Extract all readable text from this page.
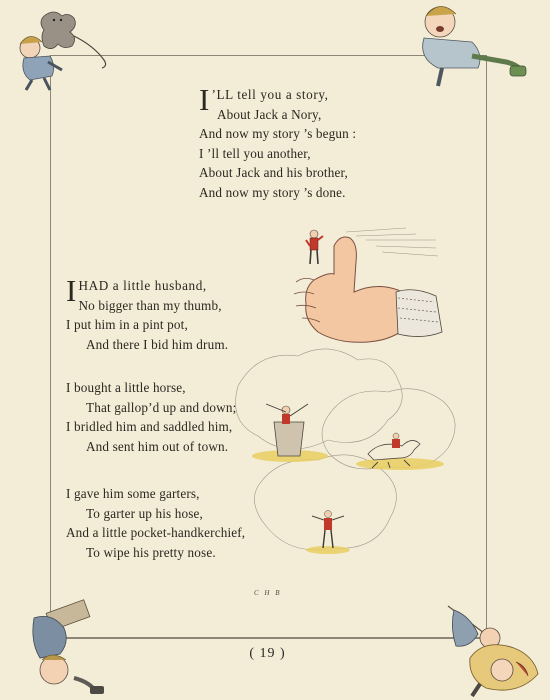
I ’LL tell you a story,
About Jack a Nory,
And now my story ’s begun :
I ’ll tell you another,
About Jack and his brother,
And now my story ’s done.
I HAD a little husband,
No bigger than my thumb,
I put him in a pint pot,
And there I bid him drum.
I bought a little horse,
That gallop’d up and down;
I bridled him and saddled him,
And sent him out of town.
I gave him some garters,
To garter up his hose,
And a little pocket-handkerchief,
To wipe his pretty nose.
C H B
( 19 )
